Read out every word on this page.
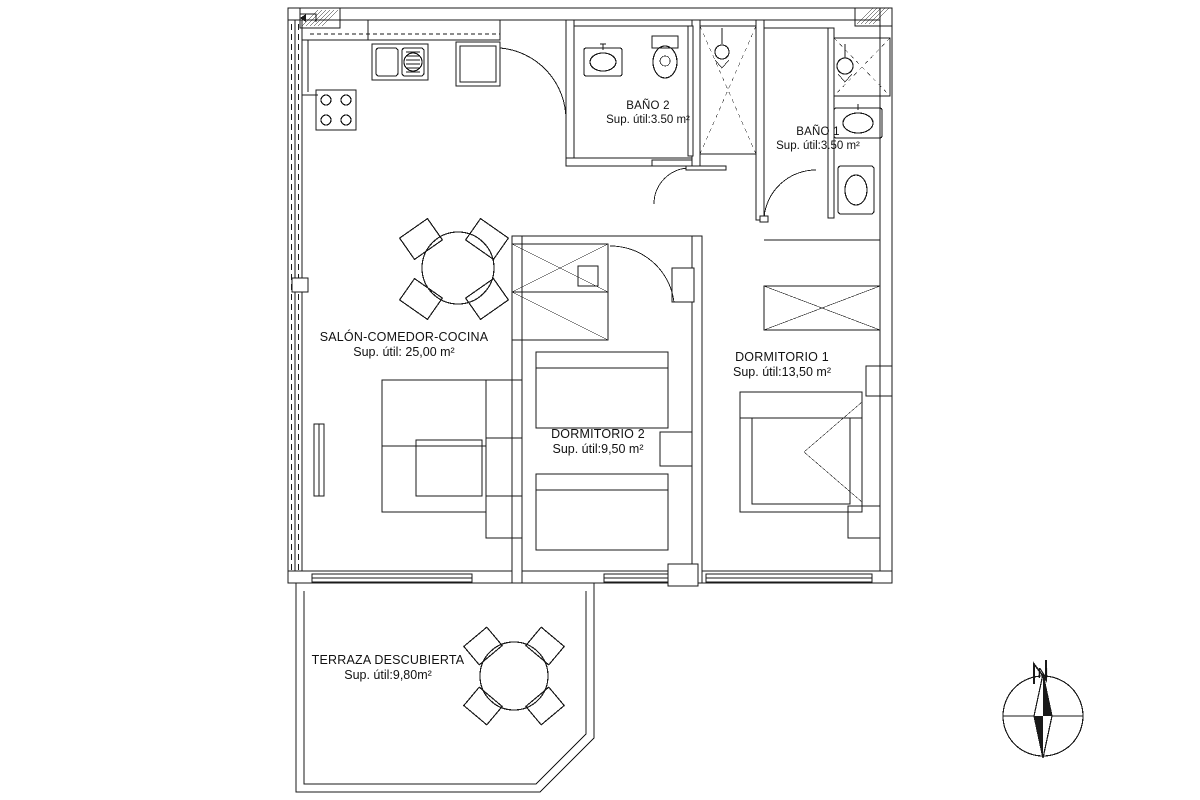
SALÓN-COMEDOR-COCINA
Sup. útil: 25,00 m²
BAÑO 2
Sup. útil:3.50 m²
BAÑO 1
Sup. útil:3.50 m²
DORMITORIO 1
Sup. útil:13,50 m²
DORMITORIO 2
Sup. útil:9,50 m²
TERRAZA DESCUBIERTA
Sup. útil:9,80m²	N
